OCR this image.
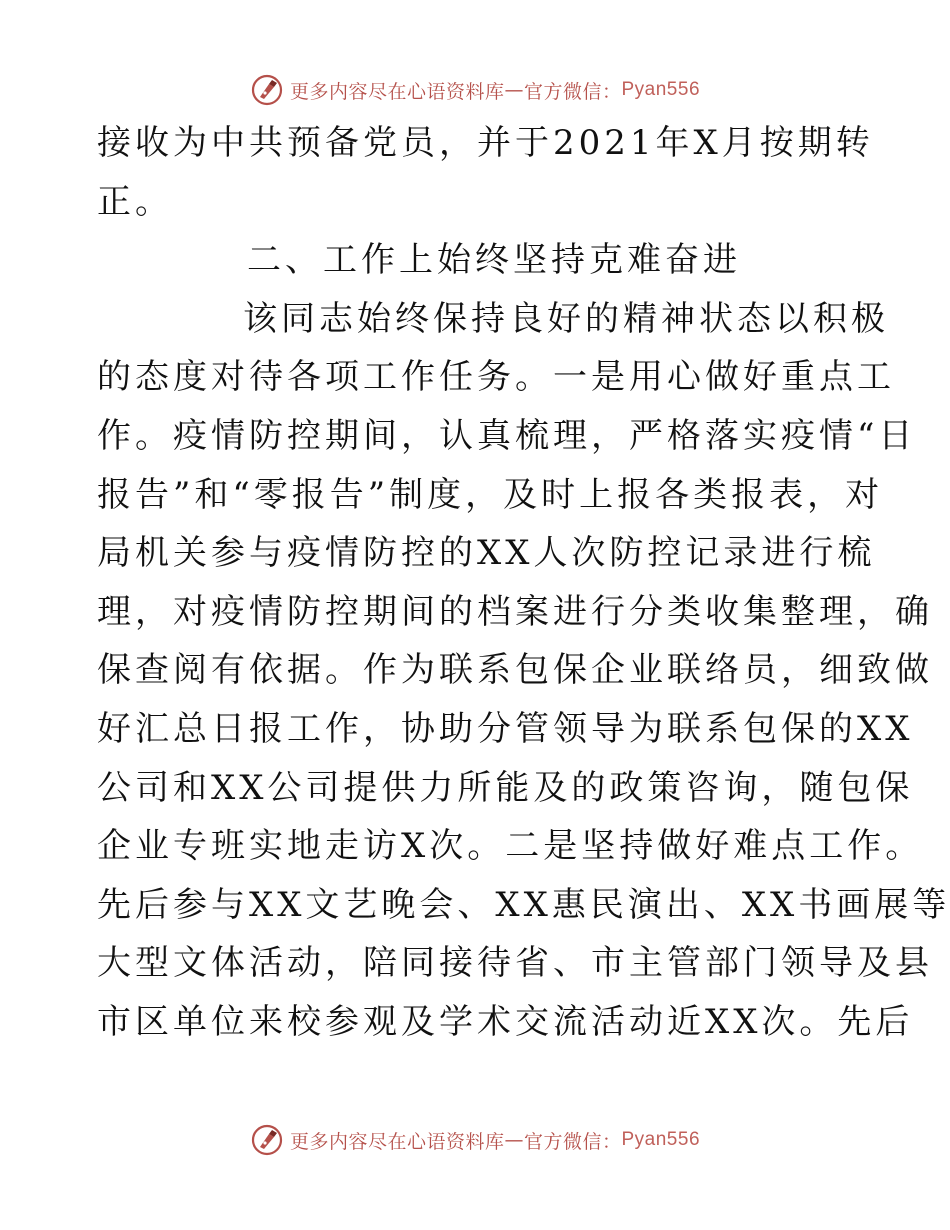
更多内容尽在心语资料库 — 官方微信： Pyan556
接收为中共预备党员，并于2021年X月按期转
正。
二、工作上始终坚持克难奋进
该同志始终保持良好的精神状态以积极
的态度对待各项工作任务。一是用心做好重点工
作。疫情防控期间，认真梳理，严格落实疫情“日
报告”和“零报告”制度，及时上报各类报表，对
局机关参与疫情防控的XX人次防控记录进行梳
理，对疫情防控期间的档案进行分类收集整理，确
保查阅有依据。作为联系包保企业联络员，细致做
好汇总日报工作，协助分管领导为联系包保的XX
公司和XX公司提供力所能及的政策咨询，随包保
企业专班实地走访X次。二是坚持做好难点工作。
先后参与XX文艺晚会、XX惠民演出、XX书画展等
大型文体活动，陪同接待省、市主管部门领导及县
市区单位来校参观及学术交流活动近XX次。先后
更多内容尽在心语资料库 — 官方微信： Pyan556
